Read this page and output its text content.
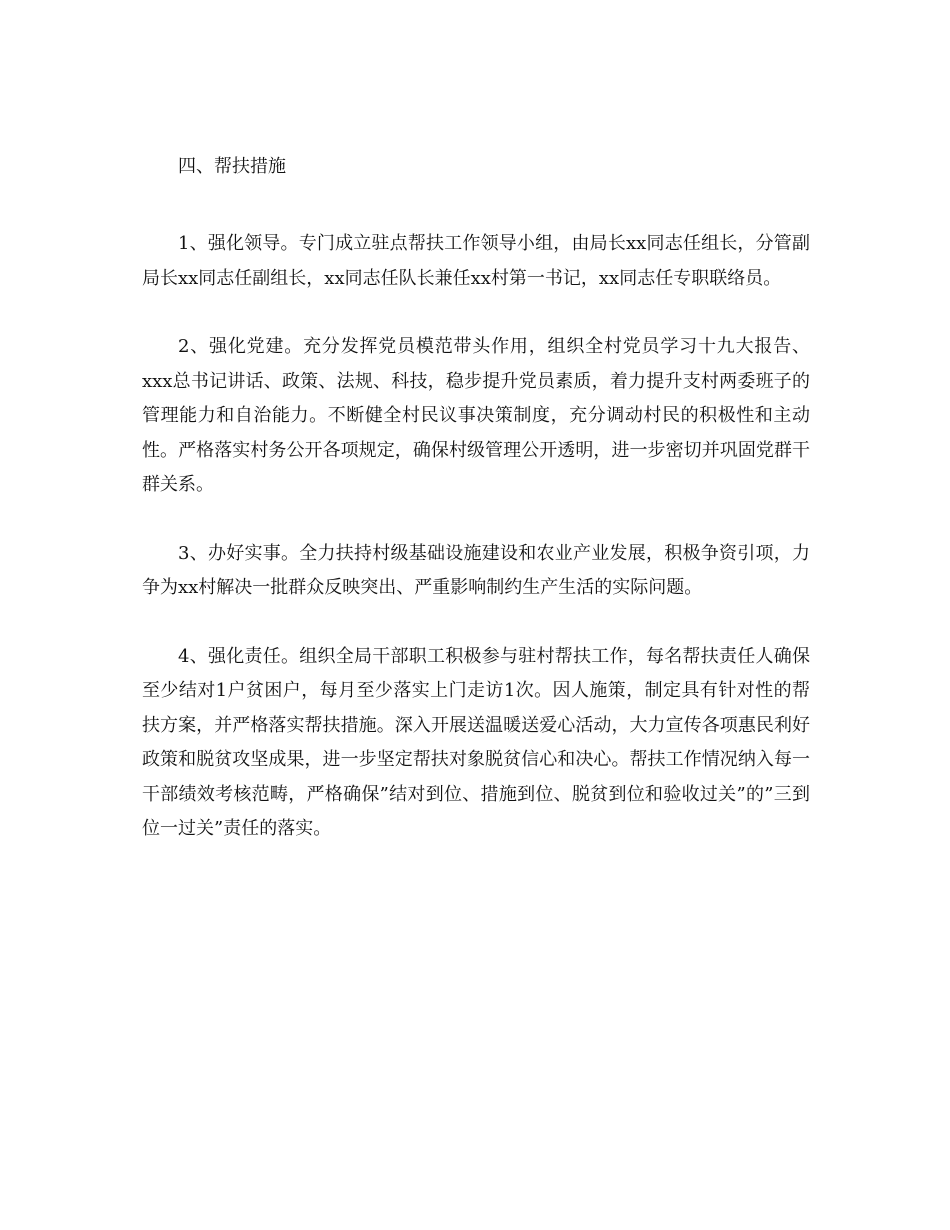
四、帮扶措施

1、强化领导。专门成立驻点帮扶工作领导小组，由局长xx同志任组长，分管副局长xx同志任副组长，xx同志任队长兼任xx村第一书记，xx同志任专职联络员。

2、强化党建。充分发挥党员模范带头作用，组织全村党员学习十九大报告、xxx总书记讲话、政策、法规、科技，稳步提升党员素质，着力提升支村两委班子的管理能力和自治能力。不断健全村民议事决策制度，充分调动村民的积极性和主动性。严格落实村务公开各项规定，确保村级管理公开透明，进一步密切并巩固党群干群关系。

3、办好实事。全力扶持村级基础设施建设和农业产业发展，积极争资引项，力争为xx村解决一批群众反映突出、严重影响制约生产生活的实际问题。

4、强化责任。组织全局干部职工积极参与驻村帮扶工作，每名帮扶责任人确保至少结对1户贫困户，每月至少落实上门走访1次。因人施策，制定具有针对性的帮扶方案，并严格落实帮扶措施。深入开展送温暖送爱心活动，大力宣传各项惠民利好政策和脱贫攻坚成果，进一步坚定帮扶对象脱贫信心和决心。帮扶工作情况纳入每一干部绩效考核范畴，严格确保”结对到位、措施到位、脱贫到位和验收过关”的”三到位一过关”责任的落实。
